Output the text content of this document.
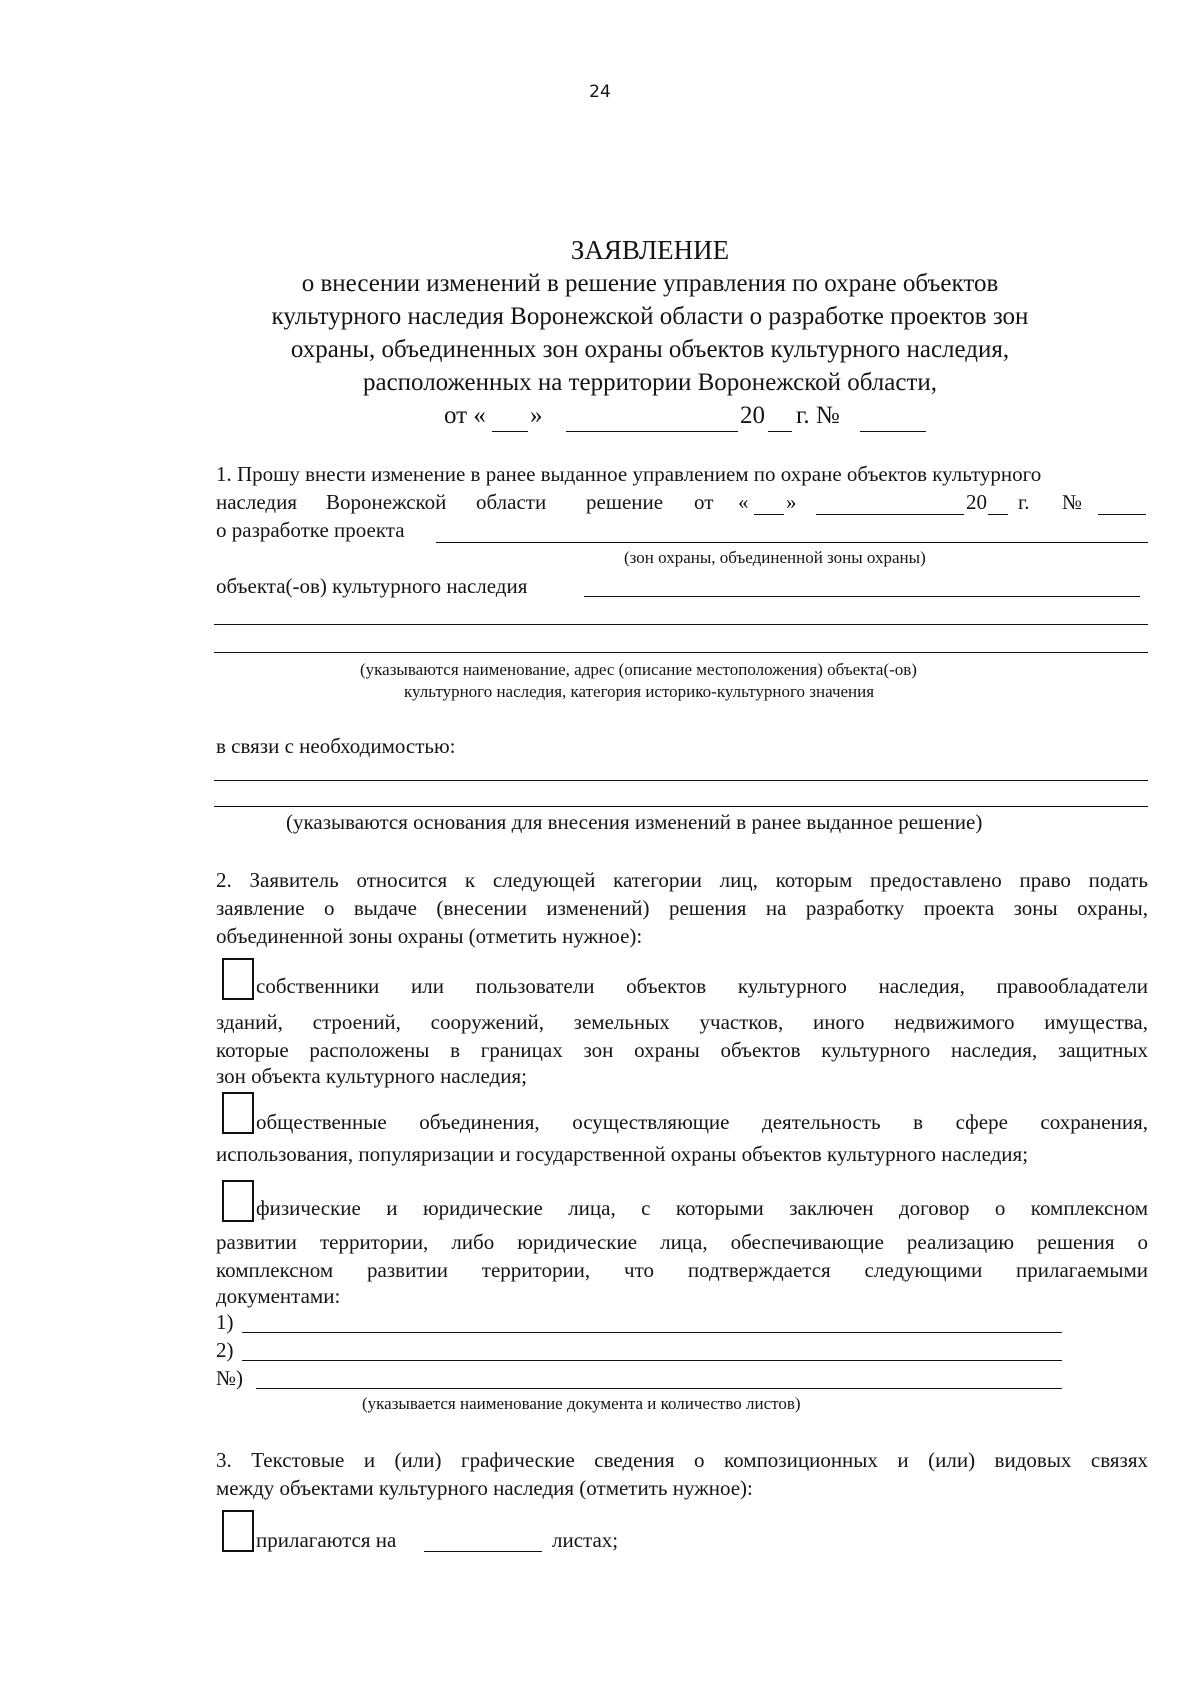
24
ЗАЯВЛЕНИЕ
о внесении изменений в решение управления по охране объектов
культурного наследия Воронежской области о разработке проектов зон
охраны, объединенных зон охраны объектов культурного наследия,
расположенных на территории Воронежской области,
от « »	20 г. №
1. Прошу внести изменение в ранее выданное управлением по охране объектов культурного
наследия Воронежской области решение от « »	20 г. №
о разработке проекта
(зон охраны, объединенной зоны охраны)
объекта(-ов) культурного наследия
(указываются наименование, адрес (описание местоположения) объекта(-ов)
культурного наследия, категория историко-культурного значения
в связи с необходимостью:
(указываются основания для внесения изменений в ранее выданное решение)
2. Заявитель относится к следующей категории лиц, которым предоставлено право подать
заявление о выдаче (внесении изменений) решения на разработку проекта зоны охраны,
объединенной зоны охраны (отметить нужное):
собственники или пользователи объектов культурного наследия, правообладатели
зданий, строений, сооружений, земельных участков, иного недвижимого имущества,
которые расположены в границах зон охраны объектов культурного наследия, защитных
зон объекта культурного наследия;
общественные объединения, осуществляющие деятельность в сфере сохранения,
использования, популяризации и государственной охраны объектов культурного наследия;
физические и юридические лица, с которыми заключен договор о комплексном
развитии территории, либо юридические лица, обеспечивающие реализацию решения о
комплексном развитии территории, что подтверждается следующими прилагаемыми
документами:
1)
2)
№)
(указывается наименование документа и количество листов)
3. Текстовые и (или) графические сведения о композиционных и (или) видовых связях
между объектами культурного наследия (отметить нужное):
прилагаются на	листах;
